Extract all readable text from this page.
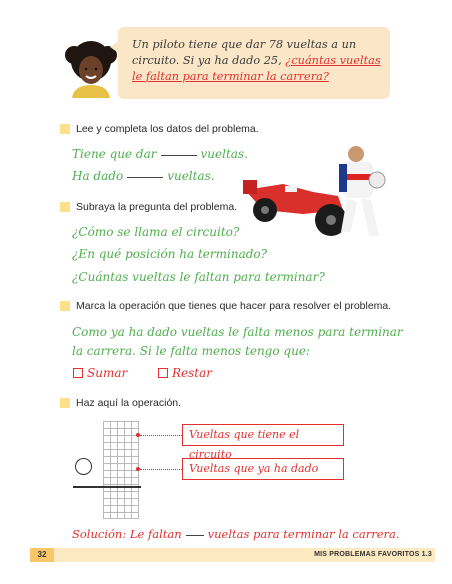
Un piloto tiene que dar 78 vueltas a un circuito. Si ya ha dado 25, ¿cuántas vueltas le faltan para terminar la carrera?
Lee y completa los datos del problema.
Tiene que dar	vueltas.
Ha dado	vueltas.
Subraya la pregunta del problema.
¿Cómo se llama el circuito?
¿En qué posición ha terminado?
¿Cuántas vueltas le faltan para terminar?
Marca la operación que tienes que hacer para resolver el problema.
Como ya ha dado vueltas le falta menos para terminar
la carrera. Si le falta menos tengo que:
Sumar	Restar
Haz aquí la operación.
Vueltas que tiene el circuito
Vueltas que ya ha dado
Solución: Le faltan vueltas para terminar la carrera.
32	MIS PROBLEMAS FAVORITOS 1.3
